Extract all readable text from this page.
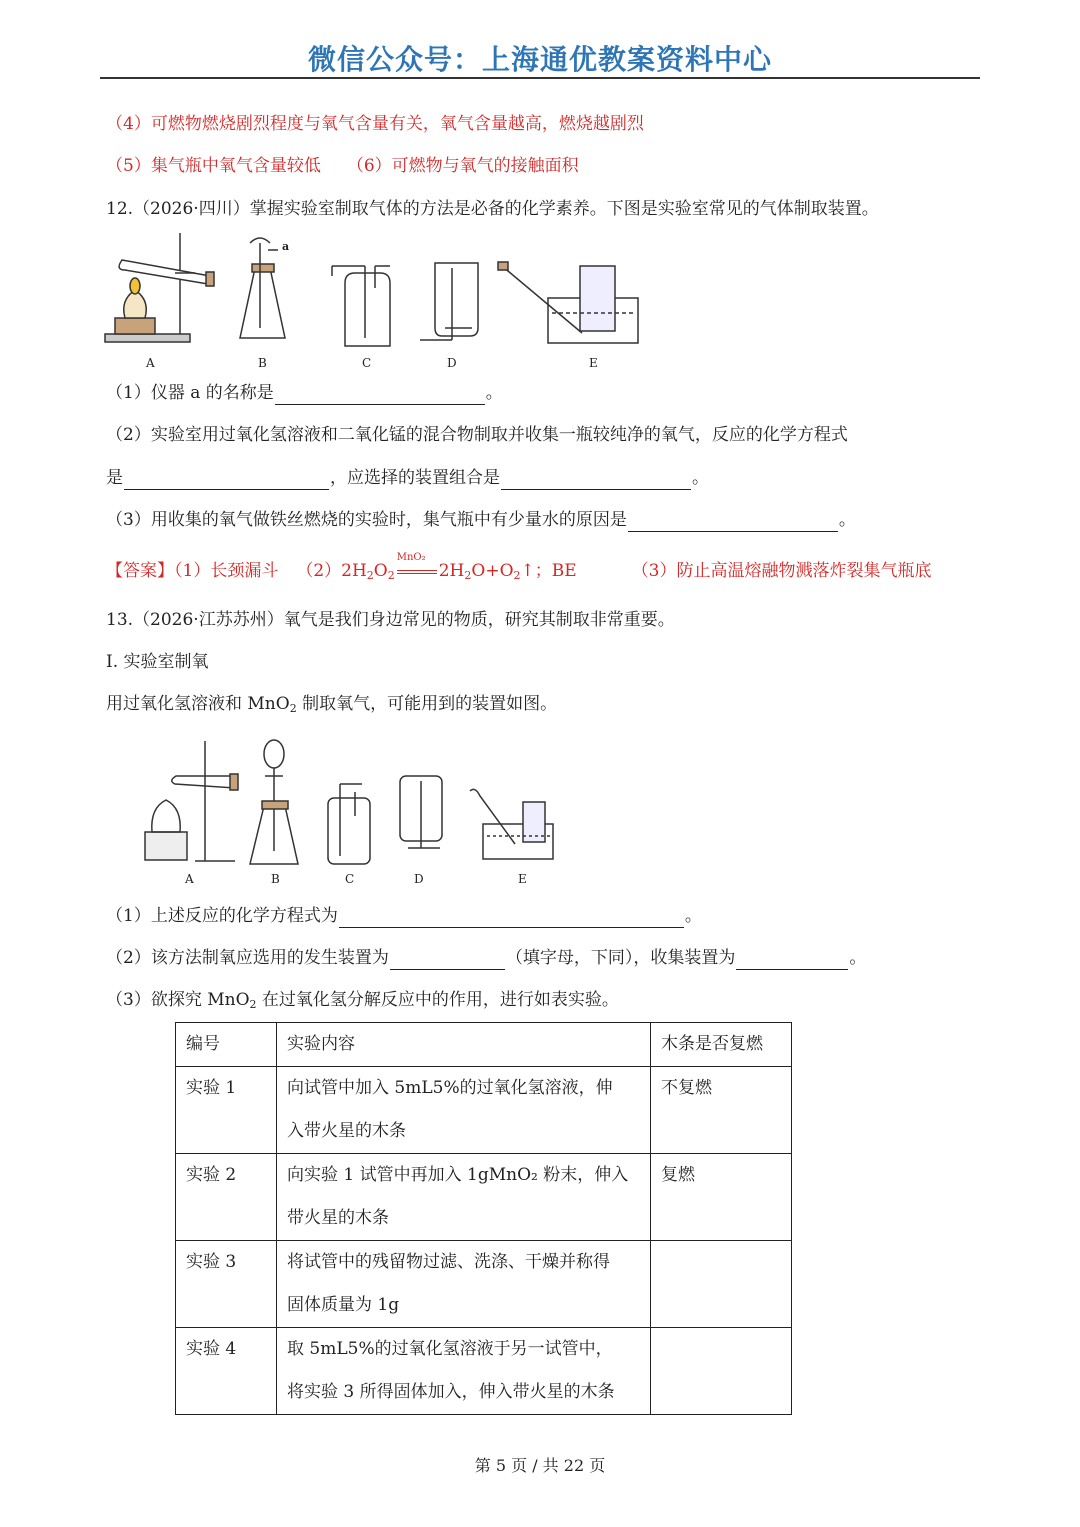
微信公众号：上海通优教案资料中心
（4）可燃物燃烧剧烈程度与氧气含量有关，氧气含量越高，燃烧越剧烈
（5）集气瓶中氧气含量较低 （6）可燃物与氧气的接触面积
12.（2026·四川）掌握实验室制取气体的方法是必备的化学素养。下图是实验室常见的气体制取装置。
A	B	C	D	E
a
（1）仪器 a 的名称是	。
（2）实验室用过氧化氢溶液和二氧化锰的混合物制取并收集一瓶较纯净的氧气，反应的化学方程式
是	，应选择的装置组合是	。
（3）用收集的氧气做铁丝燃烧的实验时，集气瓶中有少量水的原因是	。
【答案】（1）长颈漏斗 $(2)2H_2O_2$
MnO₂
$2H_2O+O_2↑$；BE	（3）防止高温熔融物溅落炸裂集气瓶底
13.（2026·江苏苏州）氧气是我们身边常见的物质，研究其制取非常重要。
I. 实验室制氧
用过氧化氢溶液和 MnO$_2$ 制取氧气，可能用到的装置如图。
A	B	C	D	E
（1）上述反应的化学方程式为	。
（2）该方法制氧应选用的发生装置为	（填字母，下同），收集装置为	。
（3）欲探究 MnO$_2$ 在过氧化氢分解反应中的作用，进行如表实验。
编号	实验内容	木条是否复燃
实验 1	向试管中加入 5mL5%的过氧化氢溶液，伸
入带火星的木条	不复燃
实验 2	向实验 1 试管中再加入 1gMnO₂ 粉末，伸入
带火星的木条	复燃
实验 3	将试管中的残留物过滤、洗涤、干燥并称得
固体质量为 1g	

实验 4	取 5mL5%的过氧化氢溶液于另一试管中，
将实验 3 所得固体加入，伸入带火星的木条	

第 5 页 / 共 22 页
